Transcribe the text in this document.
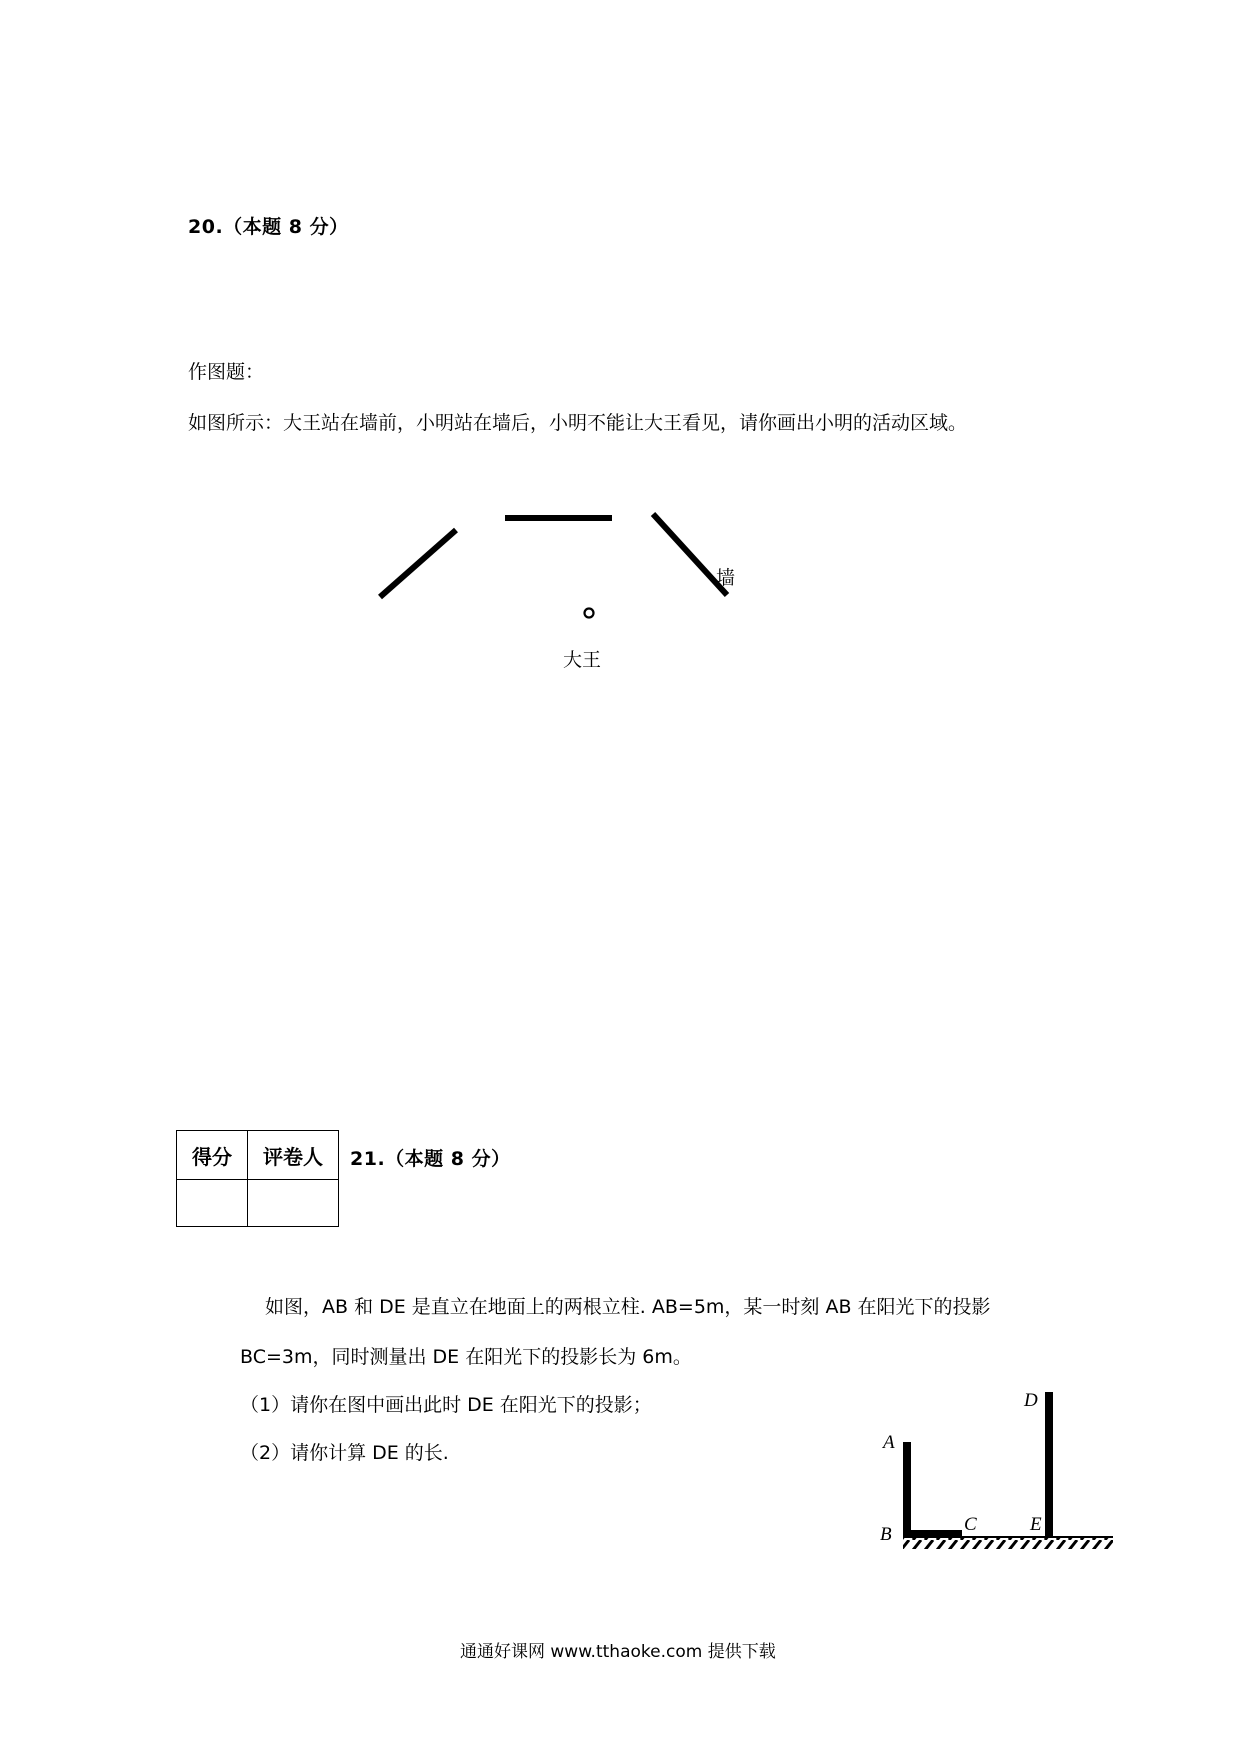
20.（本题 8 分）
作图题：
如图所示：大王站在墙前，小明站在墙后，小明不能让大王看见，请你画出小明的活动区域。
墙
大王
得分	评卷人
	21.（本题 8 分）
如图，AB 和 DE 是直立在地面上的两根立柱. AB=5m，某一时刻 AB 在阳光下的投影
BC=3m，同时测量出 DE 在阳光下的投影长为 6m。
（1）请你在图中画出此时 DE 在阳光下的投影；
（2）请你计算 DE 的长.	A
B	C
D
E
通通好课网 www.tthaoke.com 提供下载
